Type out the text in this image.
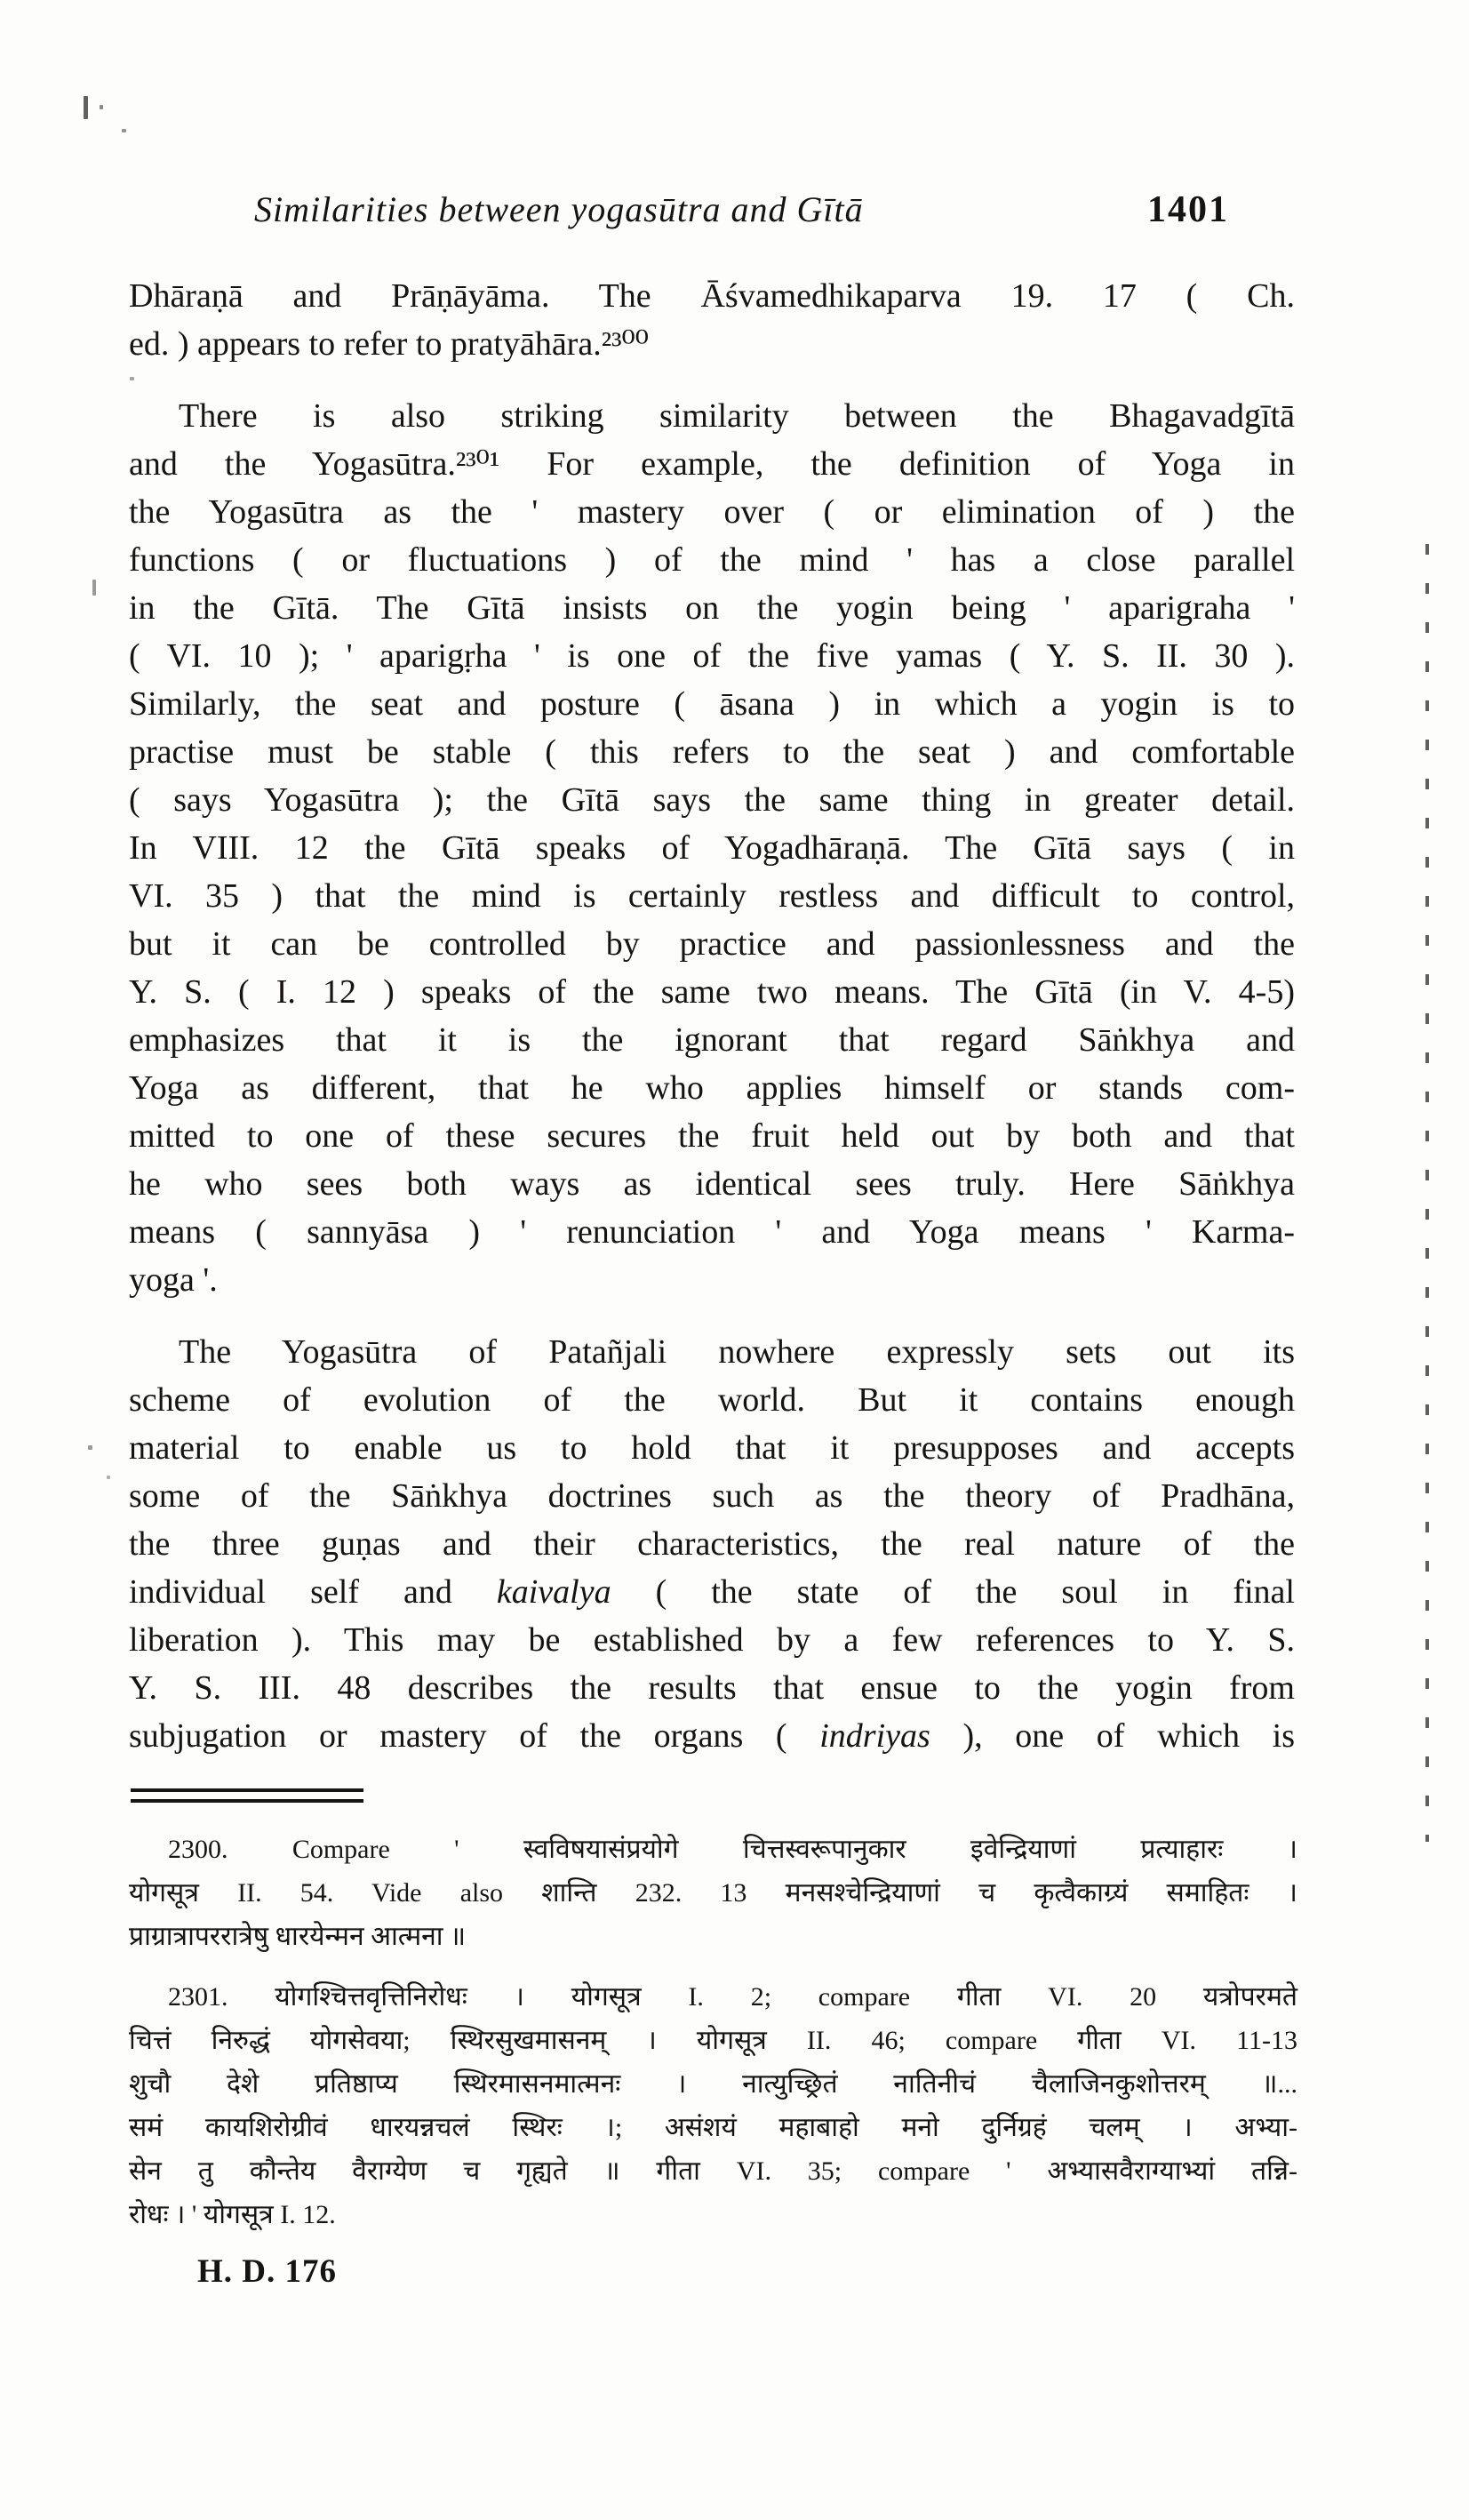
Similarities between yogasūtra and Gītā	1401
Dhāraṇā and Prāṇāyāma. The Āśvamedhikaparva 19. 17 ( Ch.
ed. ) appears to refer to pratyāhāra.²³⁰⁰
There is also striking similarity between the Bhagavadgītā
and the Yogasūtra.²³⁰¹ For example, the definition of Yoga in
the Yogasūtra as the ' mastery over ( or elimination of ) the
functions ( or fluctuations ) of the mind ' has a close parallel
in the Gītā. The Gītā insists on the yogin being ' aparigraha '
( VI. 10 ); ' aparigṛha ' is one of the five yamas ( Y. S. II. 30 ).
Similarly, the seat and posture ( āsana ) in which a yogin is to
practise must be stable ( this refers to the seat ) and comfortable
( says Yogasūtra ); the Gītā says the same thing in greater detail.
In VIII. 12 the Gītā speaks of Yogadhāraṇā. The Gītā says ( in
VI. 35 ) that the mind is certainly restless and difficult to control,
but it can be controlled by practice and passionlessness and the
Y. S. ( I. 12 ) speaks of the same two means. The Gītā (in V. 4-5)
emphasizes that it is the ignorant that regard Sāṅkhya and
Yoga as different, that he who applies himself or stands com-
mitted to one of these secures the fruit held out by both and that
he who sees both ways as identical sees truly. Here Sāṅkhya
means ( sannyāsa ) ' renunciation ' and Yoga means ' Karma-
yoga '.
The Yogasūtra of Patañjali nowhere expressly sets out its
scheme of evolution of the world. But it contains enough
material to enable us to hold that it presupposes and accepts
some of the Sāṅkhya doctrines such as the theory of Pradhāna,
the three guṇas and their characteristics, the real nature of the
individual self and kaivalya ( the state of the soul in final
liberation ). This may be established by a few references to Y. S.
Y. S. III. 48 describes the results that ensue to the yogin from
subjugation or mastery of the organs ( indriyas ), one of which is
2300. Compare ' स्वविषयासंप्रयोगे चित्तस्वरूपानुकार इवेन्द्रियाणां प्रत्याहारः ।
योगसूत्र II. 54. Vide also शान्ति 232. 13 मनसश्चेन्द्रियाणां च कृत्वैकाग्र्यं समाहितः ।
प्राग्रात्रापररात्रेषु धारयेन्मन आत्मना ॥
2301. योगश्चित्तवृत्तिनिरोधः । योगसूत्र I. 2; compare गीता VI. 20 यत्रोपरमते
चित्तं निरुद्धं योगसेवया; स्थिरसुखमासनम् । योगसूत्र II. 46; compare गीता VI. 11-13
शुचौ देशे प्रतिष्ठाप्य स्थिरमासनमात्मनः । नात्युच्छ्रितं नातिनीचं चैलाजिनकुशोत्तरम् ॥...
समं कायशिरोग्रीवं धारयन्नचलं स्थिरः ।; असंशयं महाबाहो मनो दुर्निग्रहं चलम् । अभ्या-
सेन तु कौन्तेय वैराग्येण च गृह्यते ॥ गीता VI. 35; compare ' अभ्यासवैराग्याभ्यां तन्नि-
रोधः । ' योगसूत्र I. 12.
H. D. 176
